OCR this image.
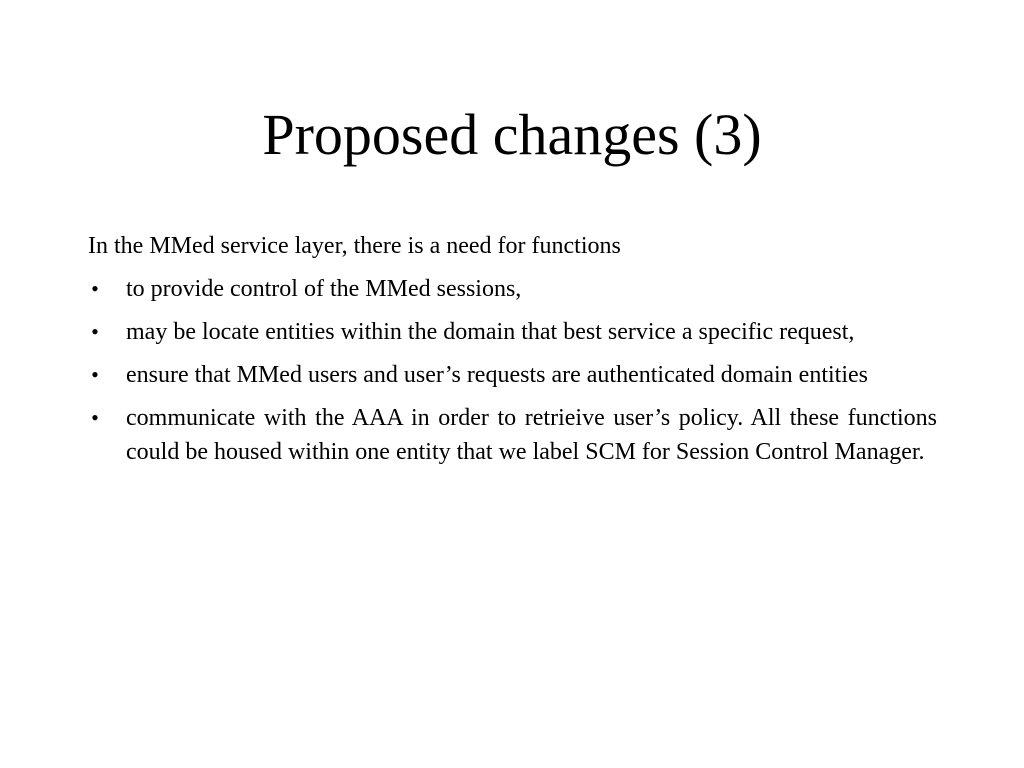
Proposed changes (3)

In the MMed service layer, there is a need for functions

• to provide control of the MMed sessions,
• may be locate entities within the domain that best service a specific request,
• ensure that MMed users and user’s requests are authenticated domain entities
• communicate with the AAA in order to retrieive user’s policy. All these functions could be housed within one entity that we label SCM for Session Control Manager.
